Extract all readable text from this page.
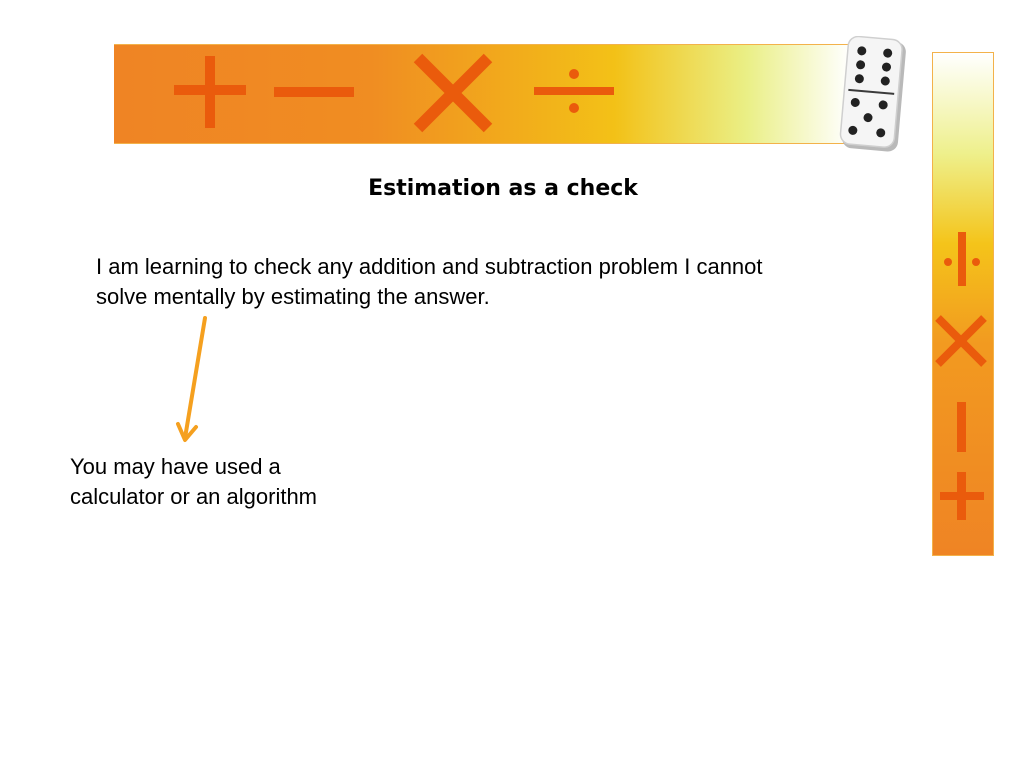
Estimation as a check

I am learning to check any addition and subtraction problem I cannot solve mentally by estimating the answer.

You may have used a calculator or an algorithm
